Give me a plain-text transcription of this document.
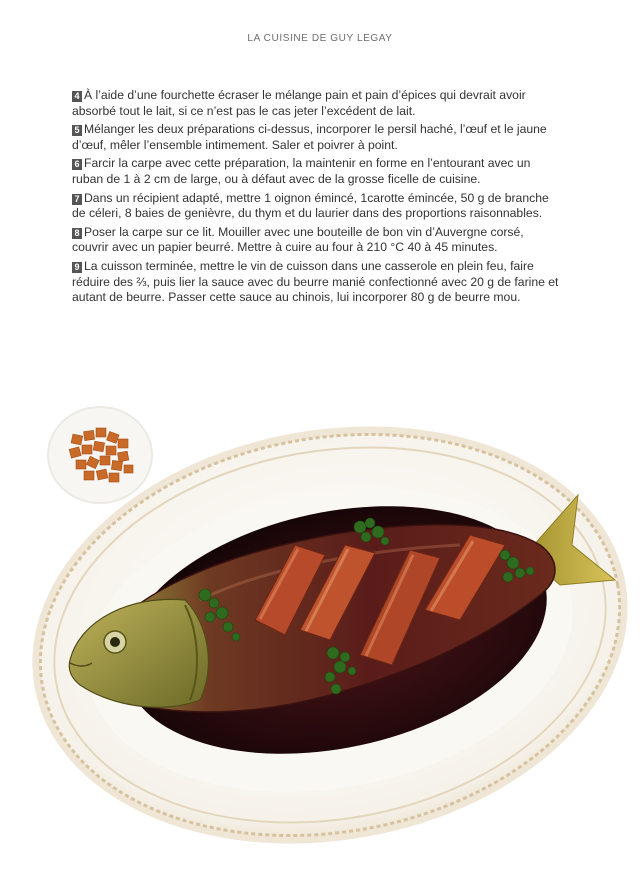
LA CUISINE DE GUY LEGAY

4 À l’aide d’une fourchette écraser le mélange pain et pain d’épices qui devrait avoir absorbé tout le lait, si ce n’est pas le cas jeter l’excédent de lait.

5 Mélanger les deux préparations ci-dessus, incorporer le persil haché, l’œuf et le jaune d’œuf, mêler l’ensemble intimement. Saler et poivrer à point.

6 Farcir la carpe avec cette préparation, la maintenir en forme en l’entourant avec un ruban de 1 à 2 cm de large, ou à défaut avec de la grosse ficelle de cuisine.

7 Dans un récipient adapté, mettre 1 oignon émincé, 1carotte émincée, 50 g de branche de céleri, 8 baies de genièvre, du thym et du laurier dans des proportions raisonnables.

8 Poser la carpe sur ce lit. Mouiller avec une bouteille de bon vin d’Auvergne corsé, couvrir avec un papier beurré. Mettre à cuire au four à 210 °C 40 à 45 minutes.

9 La cuisson terminée, mettre le vin de cuisson dans une casserole en plein feu, faire réduire des ⅔, puis lier la sauce avec du beurre manié confectionné avec 20 g de farine et autant de beurre. Passer cette sauce au chinois, lui incorporer 80 g de beurre mou.
